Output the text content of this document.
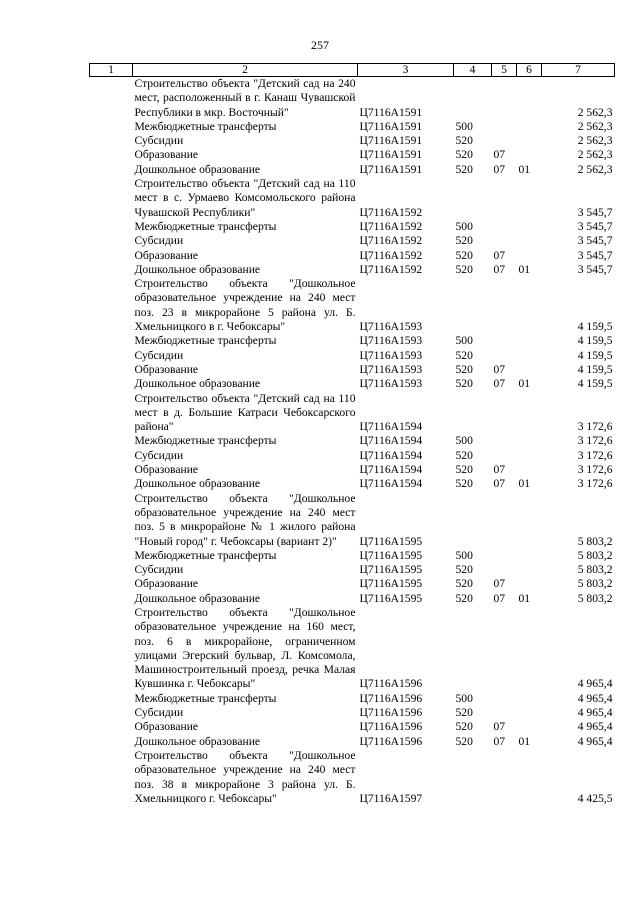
257
1	2	3	4	5	6	7
	Строительство объекта "Детский сад на 240 мест, расположенный в г. Канаш Чувашской Республики в мкр. Восточный"	Ц7116А1591				2 562,3
	Межбюджетные трансферты	Ц7116А1591	500			2 562,3
	Субсидии	Ц7116А1591	520			2 562,3
	Образование	Ц7116А1591	520	07		2 562,3
	Дошкольное образование	Ц7116А1591	520	07	01	2 562,3
	Строительство объекта "Детский сад на 110 мест в с. Урмаево Комсомольского района Чувашской Республики"	Ц7116А1592				3 545,7
	Межбюджетные трансферты	Ц7116А1592	500			3 545,7
	Субсидии	Ц7116А1592	520			3 545,7
	Образование	Ц7116А1592	520	07		3 545,7
	Дошкольное образование	Ц7116А1592	520	07	01	3 545,7
	Строительство объекта "Дошкольное образовательное учреждение на 240 мест поз. 23 в микрорайоне 5 района ул. Б. Хмельницкого в г. Чебоксары"	Ц7116А1593				4 159,5
	Межбюджетные трансферты	Ц7116А1593	500			4 159,5
	Субсидии	Ц7116А1593	520			4 159,5
	Образование	Ц7116А1593	520	07		4 159,5
	Дошкольное образование	Ц7116А1593	520	07	01	4 159,5
	Строительство объекта "Детский сад на 110 мест в д. Большие Катраси Чебоксарского района"	Ц7116А1594				3 172,6
	Межбюджетные трансферты	Ц7116А1594	500			3 172,6
	Субсидии	Ц7116А1594	520			3 172,6
	Образование	Ц7116А1594	520	07		3 172,6
	Дошкольное образование	Ц7116А1594	520	07	01	3 172,6
	Строительство объекта "Дошкольное образовательное учреждение на 240 мест поз. 5 в микрорайоне № 1 жилого района "Новый город" г. Чебоксары (вариант 2)"	Ц7116А1595				5 803,2
	Межбюджетные трансферты	Ц7116А1595	500			5 803,2
	Субсидии	Ц7116А1595	520			5 803,2
	Образование	Ц7116А1595	520	07		5 803,2
	Дошкольное образование	Ц7116А1595	520	07	01	5 803,2
	Строительство объекта "Дошкольное образовательное учреждение на 160 мест, поз. 6 в микрорайоне, ограниченном улицами Эгерский бульвар, Л. Комсомола, Машиностроительный проезд, речка Малая Кувшинка г. Чебоксары"	Ц7116А1596				4 965,4
	Межбюджетные трансферты	Ц7116А1596	500			4 965,4
	Субсидии	Ц7116А1596	520			4 965,4
	Образование	Ц7116А1596	520	07		4 965,4
	Дошкольное образование	Ц7116А1596	520	07	01	4 965,4
	Строительство объекта "Дошкольное образовательное учреждение на 240 мест поз. 38 в микрорайоне 3 района ул. Б. Хмельницкого г. Чебоксары"	Ц7116А1597				4 425,5
